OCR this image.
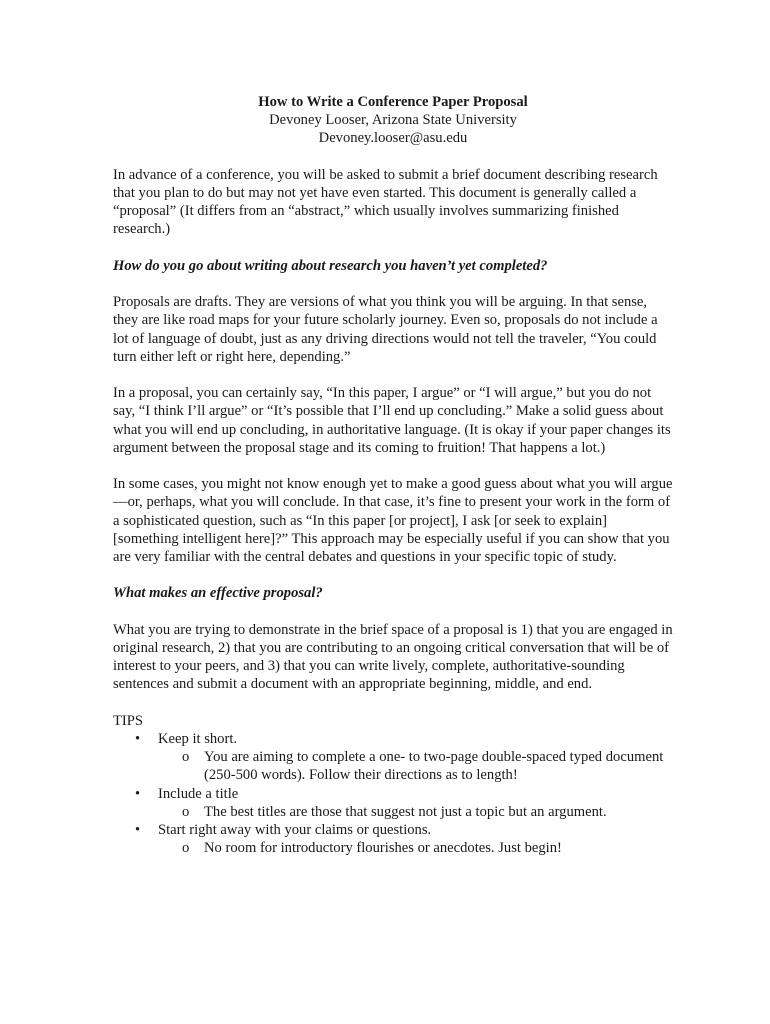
How to Write a Conference Paper Proposal
Devoney Looser, Arizona State University
Devoney.looser@asu.edu

In advance of a conference, you will be asked to submit a brief document describing research that you plan to do but may not yet have even started. This document is generally called a “proposal” (It differs from an “abstract,” which usually involves summarizing finished research.)

How do you go about writing about research you haven’t yet completed?

Proposals are drafts. They are versions of what you think you will be arguing. In that sense, they are like road maps for your future scholarly journey. Even so, proposals do not include a lot of language of doubt, just as any driving directions would not tell the traveler, “You could turn either left or right here, depending.”

In a proposal, you can certainly say, “In this paper, I argue” or “I will argue,” but you do not say, “I think I’ll argue” or “It’s possible that I’ll end up concluding.” Make a solid guess about what you will end up concluding, in authoritative language. (It is okay if your paper changes its argument between the proposal stage and its coming to fruition! That happens a lot.)

In some cases, you might not know enough yet to make a good guess about what you will argue—or, perhaps, what you will conclude. In that case, it’s fine to present your work in the form of a sophisticated question, such as “In this paper [or project], I ask [or seek to explain] [something intelligent here]?” This approach may be especially useful if you can show that you are very familiar with the central debates and questions in your specific topic of study.

What makes an effective proposal?

What you are trying to demonstrate in the brief space of a proposal is 1) that you are engaged in original research, 2) that you are contributing to an ongoing critical conversation that will be of interest to your peers, and 3) that you can write lively, complete, authoritative-sounding sentences and submit a document with an appropriate beginning, middle, and end.

TIPS

• Keep it short.
o You are aiming to complete a one- to two-page double-spaced typed document (250-500 words). Follow their directions as to length!
• Include a title
o The best titles are those that suggest not just a topic but an argument.
• Start right away with your claims or questions.
o No room for introductory flourishes or anecdotes. Just begin!
